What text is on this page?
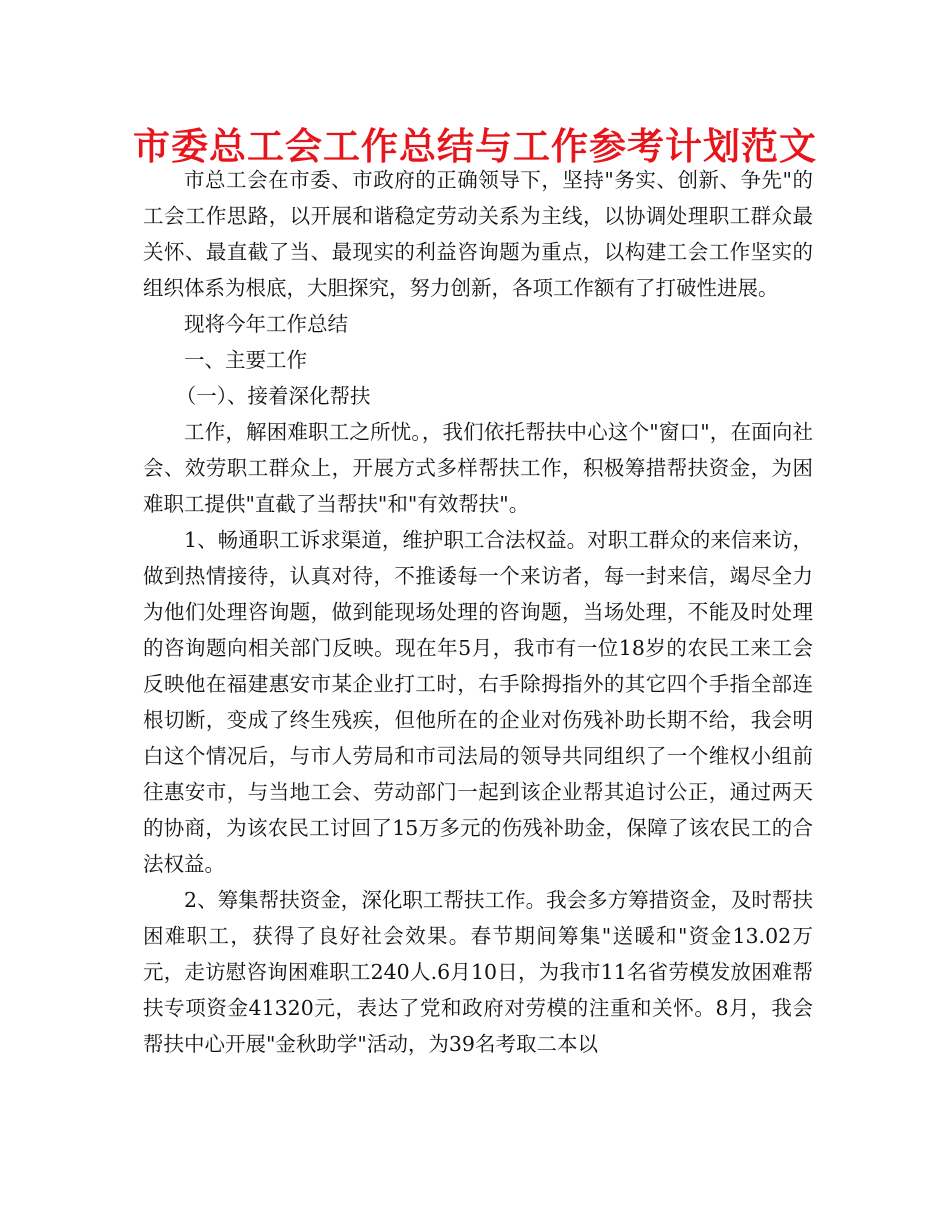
市委总工会工作总结与工作参考计划范文

市总工会在市委、市政府的正确领导下，坚持"务实、创新、争先"的工会工作思路，以开展和谐稳定劳动关系为主线，以协调处理职工群众最关怀、最直截了当、最现实的利益咨询题为重点，以构建工会工作坚实的组织体系为根底，大胆探究，努力创新，各项工作额有了打破性进展。

现将今年工作总结

一、主要工作

（一）、接着深化帮扶

工作，解困难职工之所忧。，我们依托帮扶中心这个"窗口"，在面向社会、效劳职工群众上，开展方式多样帮扶工作，积极筹措帮扶资金，为困难职工提供"直截了当帮扶"和"有效帮扶"。

1、畅通职工诉求渠道，维护职工合法权益。对职工群众的来信来访，做到热情接待，认真对待，不推诿每一个来访者，每一封来信，竭尽全力为他们处理咨询题，做到能现场处理的咨询题，当场处理，不能及时处理的咨询题向相关部门反映。现在年5月，我市有一位18岁的农民工来工会反映他在福建惠安市某企业打工时，右手除拇指外的其它四个手指全部连根切断，变成了终生残疾，但他所在的企业对伤残补助长期不给，我会明白这个情况后，与市人劳局和市司法局的领导共同组织了一个维权小组前往惠安市，与当地工会、劳动部门一起到该企业帮其追讨公正，通过两天的协商，为该农民工讨回了15万多元的伤残补助金，保障了该农民工的合法权益。

2、筹集帮扶资金，深化职工帮扶工作。我会多方筹措资金，及时帮扶困难职工，获得了良好社会效果。春节期间筹集"送暖和"资金13.02万元，走访慰咨询困难职工240人.6月10日，为我市11名省劳模发放困难帮扶专项资金41320元，表达了党和政府对劳模的注重和关怀。8月，我会帮扶中心开展"金秋助学"活动，为39名考取二本以
